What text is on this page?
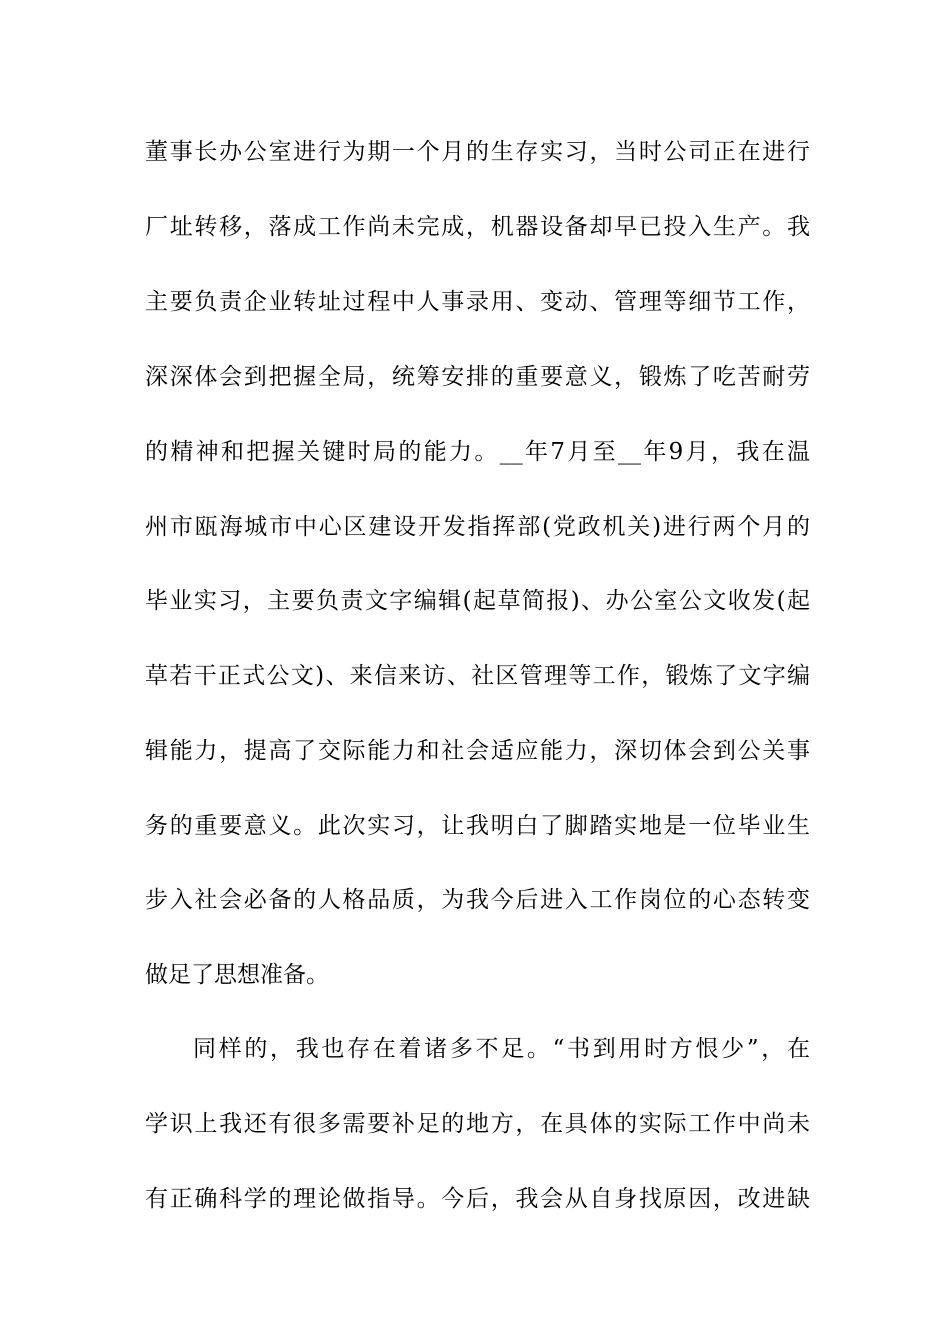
董事长办公室进行为期一个月的生存实习，当时公司正在进行
厂址转移，落成工作尚未完成，机器设备却早已投入生产。我
主要负责企业转址过程中人事录用、变动、管理等细节工作，
深深体会到把握全局，统筹安排的重要意义，锻炼了吃苦耐劳
的精神和把握关键时局的能力。__年7月至__年9月，我在温
州市瓯海城市中心区建设开发指挥部(党政机关)进行两个月的
毕业实习，主要负责文字编辑(起草简报)、办公室公文收发(起
草若干正式公文)、来信来访、社区管理等工作，锻炼了文字编
辑能力，提高了交际能力和社会适应能力，深切体会到公关事
务的重要意义。此次实习，让我明白了脚踏实地是一位毕业生
步入社会必备的人格品质，为我今后进入工作岗位的心态转变
做足了思想准备。
同样的，我也存在着诸多不足。“书到用时方恨少”，在
学识上我还有很多需要补足的地方，在具体的实际工作中尚未
有正确科学的理论做指导。今后，我会从自身找原因，改进缺
